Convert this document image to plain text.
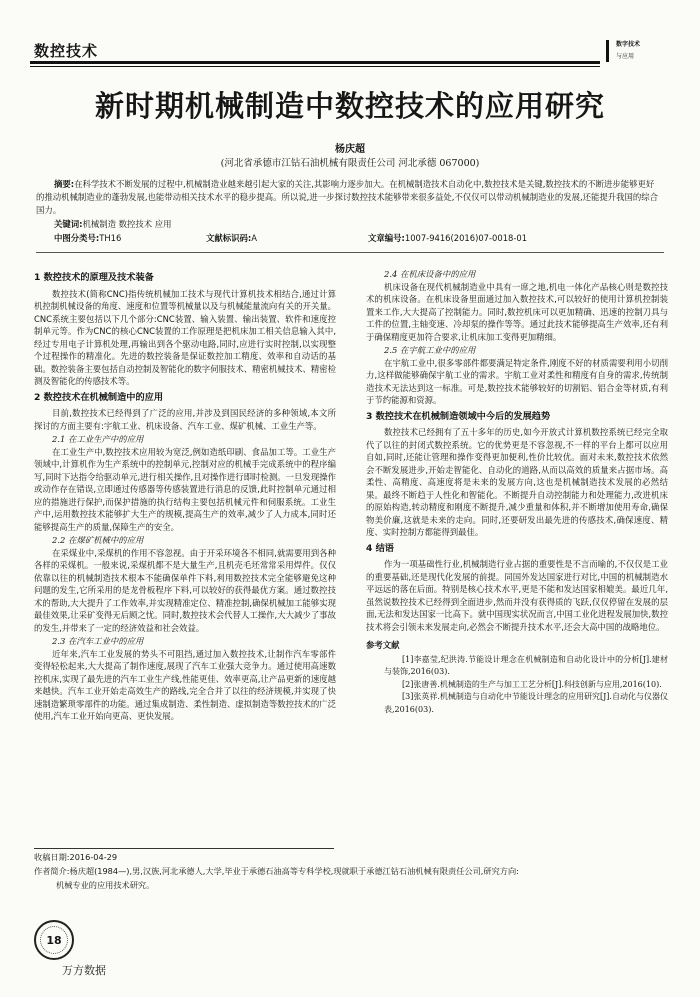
数控技术	数字技术
与应用
新时期机械制造中数控技术的应用研究
杨庆超
(河北省承德市江钻石油机械有限责任公司 河北承德 067000)

摘要:在科学技术不断发展的过程中,机械制造业越来越引起大家的关注,其影响力逐步加大。在机械制造技术自动化中,数控技术是关键,数控技术的不断进步能够更好的推动机械制造业的蓬勃发展,也能带动相关技术水平的稳步提高。所以说,进一步探讨数控技术能够带来很多益处,不仅仅可以带动机械制造业的发展,还能提升我国的综合国力。

关键词:机械制造 数控技术 应用
中图分类号:TH16	文献标识码:A	文章编号:1007-9416(2016)07-0018-01
1 数控技术的原理及技术装备

数控技术(简称CNC)指传统机械加工技术与现代计算机技术相结合,通过计算机控制机械设备的角度、速度和位置等机械量以及与机械能量流向有关的开关量。CNC系统主要包括以下几个部分:CNC装置、输入装置、输出装置、软件和速度控制单元等。作为CNC的核心CNC装置的工作原理是把机床加工相关信息输入其中,经过专用电子计算机处理,再输出到各个驱动电路,同时,应进行实时控制,以实现整个过程操作的精准化。先进的数控装备是保证数控加工精度、效率和自动话的基础。数控装备主要包括自动控制及智能化的数字伺服技术、精密机械技术、精密检测及智能化的传感技术等。

2 数控技术在机械制造中的应用

目前,数控技术已经得到了广泛的应用,并涉及到国民经济的多种领域,本文所探讨的方面主要有:宇航工业、机床设备、汽车工业、煤矿机械、工业生产等。

2.1 在工业生产中的应用

在工业生产中,数控技术应用较为宽泛,例如造纸印刷、食品加工等。工业生产领域中,计算机作为生产系统中的控制单元,控制对应的机械手完成系统中的程序编写,同时下达指令给驱动单元,进行相关操作,且对操作进行即时检测。一旦发现操作或动作存在错误,立即通过传感器等传感装置进行消息的反馈,此时控制单元通过相应的措施进行保护,而保护措施的执行结构主要包括机械元件和伺服系统。工业生产中,运用数控技术能够扩大生产的规模,提高生产的效率,减少了人力成本,同时还能够提高生产的质量,保障生产的安全。

2.2 在煤矿机械中的应用

在采煤业中,采煤机的作用不容忽视。由于开采环境各不相同,就需要用到各种各样的采煤机。一般来说,采煤机都不是大量生产,且机壳毛坯常常采用焊件。仅仅依靠以往的机械制造技术根本不能确保单件下料,利用数控技术完全能够避免这种问题的发生,它所采用的是龙骨板程序下料,可以较好的获得最优方案。通过数控技术的帮助,大大提升了工作效率,并实现精准定位、精准控制,确保机械加工能够实现最佳效果,让采矿变得无后顾之忧。同时,数控技术会代替人工操作,大大减少了事故的发生,并带来了一定的经济效益和社会效益。

2.3 在汽车工业中的应用

近年来,汽车工业发展的势头不可阻挡,通过加入数控技术,让制作汽车零部件变得轻松起来,大大提高了制作速度,展现了汽车工业强大竞争力。通过使用高速数控机床,实现了最先进的汽车工业生产线,性能更佳、效率更高,让产品更新的速度越来越快。汽车工业开始走高效生产的路线,完全合并了以往的经济规模,并实现了快速制造繁琐零部件的功能。通过集成制造、柔性制造、虚拟制造等数控技术的广泛使用,汽车工业开始向更高、更快发展。

2.4 在机床设备中的应用

机床设备在现代机械制造业中具有一席之地,机电一体化产品核心则是数控技术的机床设备。在机床设备里面通过加入数控技术,可以较好的使用计算机控制装置来工作,大大提高了控制能力。同时,数控机床可以更加精确、迅速的控制刀具与工件的位置,主轴变速、冷却泵的操作等等。通过此技术能够提高生产效率,还有利于确保精度更加符合要求,让机床加工变得更加精细。

2.5 在宇航工业中的应用

在宇航工业中,很多零部件都要满足特定条件,刚度不好的材质需要利用小切削力,这样做能够确保宇航工业的需求。宇航工业对柔性和精度有自身的需求,传统制造技术无法达到这一标准。可是,数控技术能够较好的切割铝、铝合金等材质,有利于节约能源和资源。

3 数控技术在机械制造领域中今后的发展趋势

数控技术已经拥有了五十多年的历史,如今开放式计算机数控系统已经完全取代了以往的封闭式数控系统。它的优势更是不容忽视,不一样的平台上都可以应用自如,同时,还能让管理和操作变得更加便利,性价比较优。面对未来,数控技术依然会不断发展进步,开始走智能化、自动化的道路,从而以高效的质量来占据市场。高柔性、高精度、高速度将是未来的发展方向,这也是机械制造技术发展的必然结果。最终不断趋于人性化和智能化。不断提升自动控制能力和处理能力,改进机床的原始构造,转动精度和刚度不断提升,减少重量和体积,并不断增加使用寿命,确保物美价廉,这就是未来的走向。同时,还要研发出最先进的传感技术,确保速度、精度、实时控制方都能得到最佳。

4 结语

作为一项基础性行业,机械制造行业占据的重要性是不言而喻的,不仅仅是工业的重要基础,还是现代化发展的前提。同国外发达国家进行对比,中国的机械制造水平远远的落在后面。特别是核心技术水平,更是不能和发达国家相媲美。最近几年,虽然说数控技术已经得到全面进步,然而并没有获得质的飞跃,仅仅停留在发展的层面,无法和发达国家一比高下。就中国现实状况而言,中国工业化进程发展加快,数控技术将会引领未来发展走向,必然会不断提升技术水平,还会大高中国的战略地位。

参考文献

[1]李嘉莹,纪洪涛.节能设计理念在机械制造和自动化设计中的分析[J].建材与装饰,2016(03).

[2]张唐善.机械制造的生产与加工工艺分析[J].科技创新与应用,2016(10).

[3]张英祥.机械制造与自动化中节能设计理念的应用研究[J].自动化与仪器仪表,2016(03).

收稿日期:2016-04-29
作者简介:杨庆超(1984—),男,汉族,河北承德人,大学,毕业于承德石油高等专科学校,现就职于承德江钻石油机械有限责任公司,研究方向:
机械专业的应用技术研究。
18
万方数据
